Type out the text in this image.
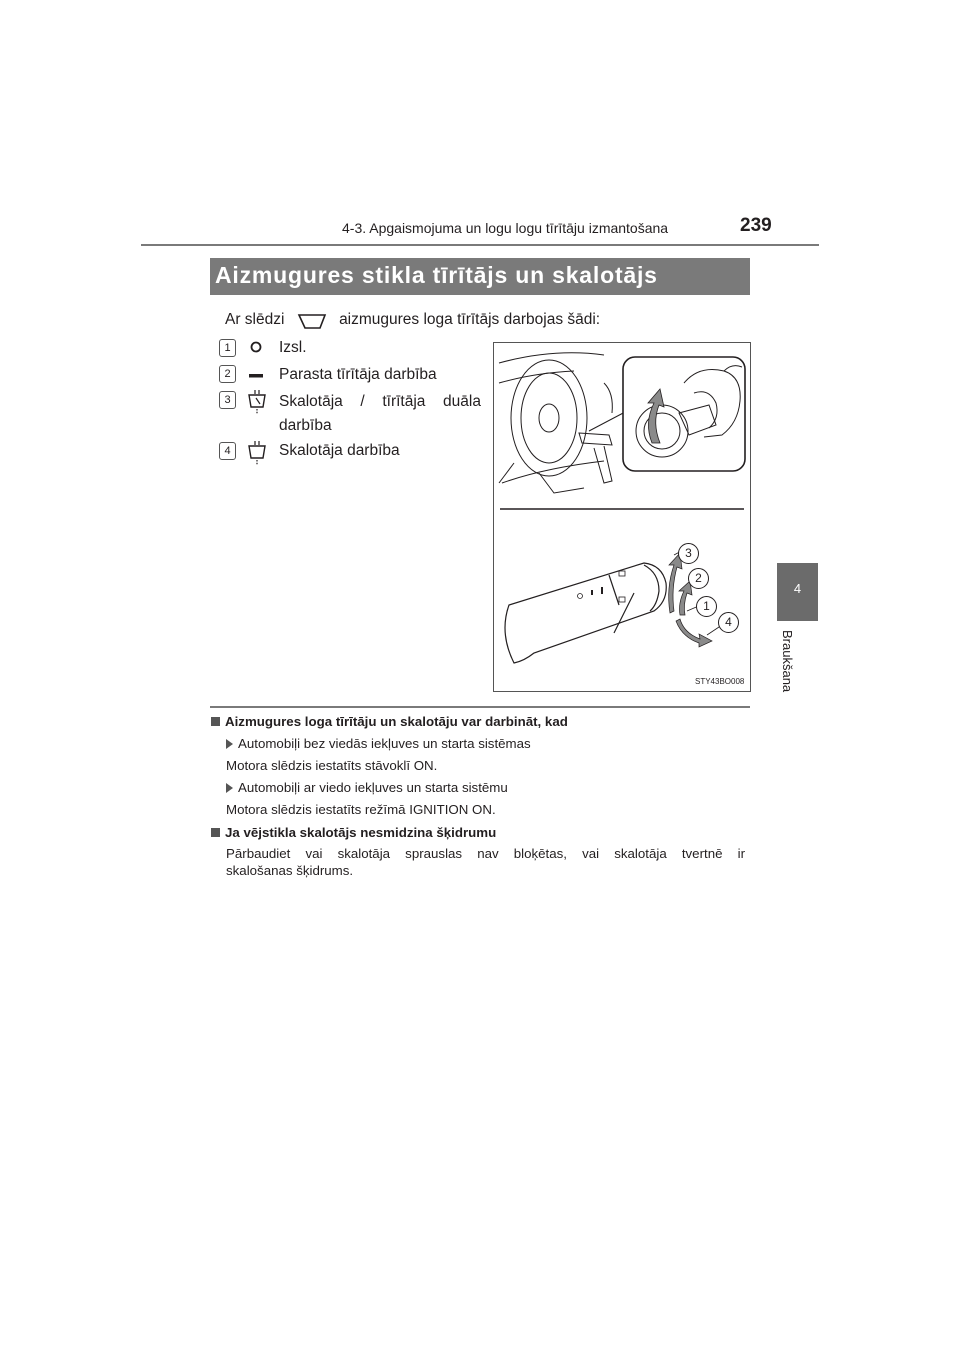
4-3. Apgaismojuma un logu logu tīrītāju izmantošana	239
4
Braukšana
Aizmugures stikla tīrītājs un skalotājs
Ar slēdzi	aizmugures loga tīrītājs darbojas šādi:
1	Izsl.
2	Parasta tīrītāja darbība
3	Skalotāja / tīrītāja duāla
darbība
4	Skalotāja darbība
3
2
1
4
STY43BO008
Aizmugures loga tīrītāju un skalotāju var darbināt, kad
Automobiļi bez viedās iekļuves un starta sistēmas
Motora slēdzis iestatīts stāvoklī ON.
Automobiļi ar viedo iekļuves un starta sistēmu
Motora slēdzis iestatīts režīmā IGNITION ON.
Ja vējstikla skalotājs nesmidzina šķidrumu
Pārbaudiet vai skalotāja sprauslas nav bloķētas, vai skalotāja tvertnē ir
skalošanas šķidrums.
